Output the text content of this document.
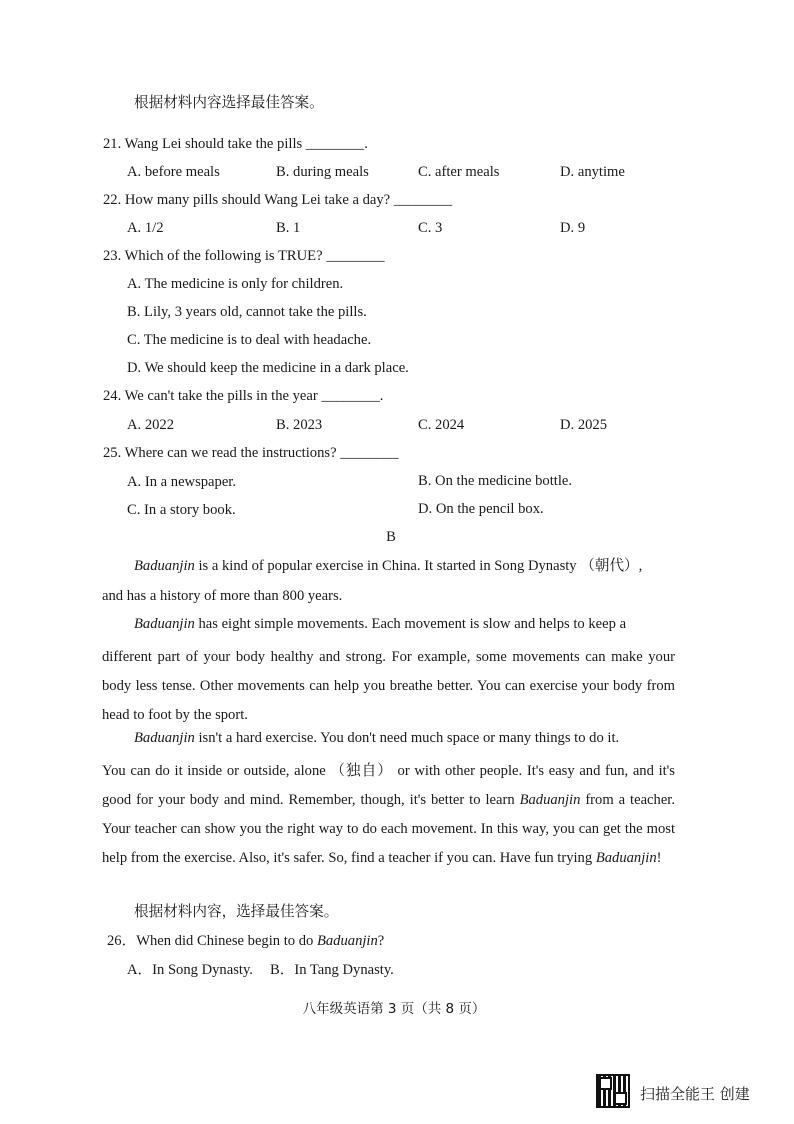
根据材料内容选择最佳答案。
21. Wang Lei should take the pills ________.
A. before meals	B. during meals	C. after meals	D. anytime
22. How many pills should Wang Lei take a day? ________
A. 1/2	B. 1	C. 3	D. 9
23. Which of the following is TRUE? ________
A. The medicine is only for children.
B. Lily, 3 years old, cannot take the pills.
C. The medicine is to deal with headache.
D. We should keep the medicine in a dark place.
24. We can't take the pills in the year ________.
A. 2022	B. 2023	C. 2024	D. 2025
25. Where can we read the instructions? ________
A. In a newspaper.	B. On the medicine bottle.
C. In a story book.	D. On the pencil box.
B
Baduanjin is a kind of popular exercise in China. It started in Song Dynasty （朝代）,
and has a history of more than 800 years.
Baduanjin has eight simple movements. Each movement is slow and helps to keep a
different part of your body healthy and strong. For example, some movements can make your body less tense. Other movements can help you breathe better. You can exercise your body from head to foot by the sport.
Baduanjin isn't a hard exercise. You don't need much space or many things to do it.
You can do it inside or outside, alone （独自） or with other people. It's easy and fun, and it's good for your body and mind. Remember, though, it's better to learn Baduanjin from a teacher. Your teacher can show you the right way to do each movement. In this way, you can get the most help from the exercise. Also, it's safer. So, find a teacher if you can. Have fun trying Baduanjin!
根据材料内容，选择最佳答案。
26．When did Chinese begin to do Baduanjin?
A．In Song Dynasty. B．In Tang Dynasty.
八年级英语第 3 页（共 8 页）
扫描全能王 创建
